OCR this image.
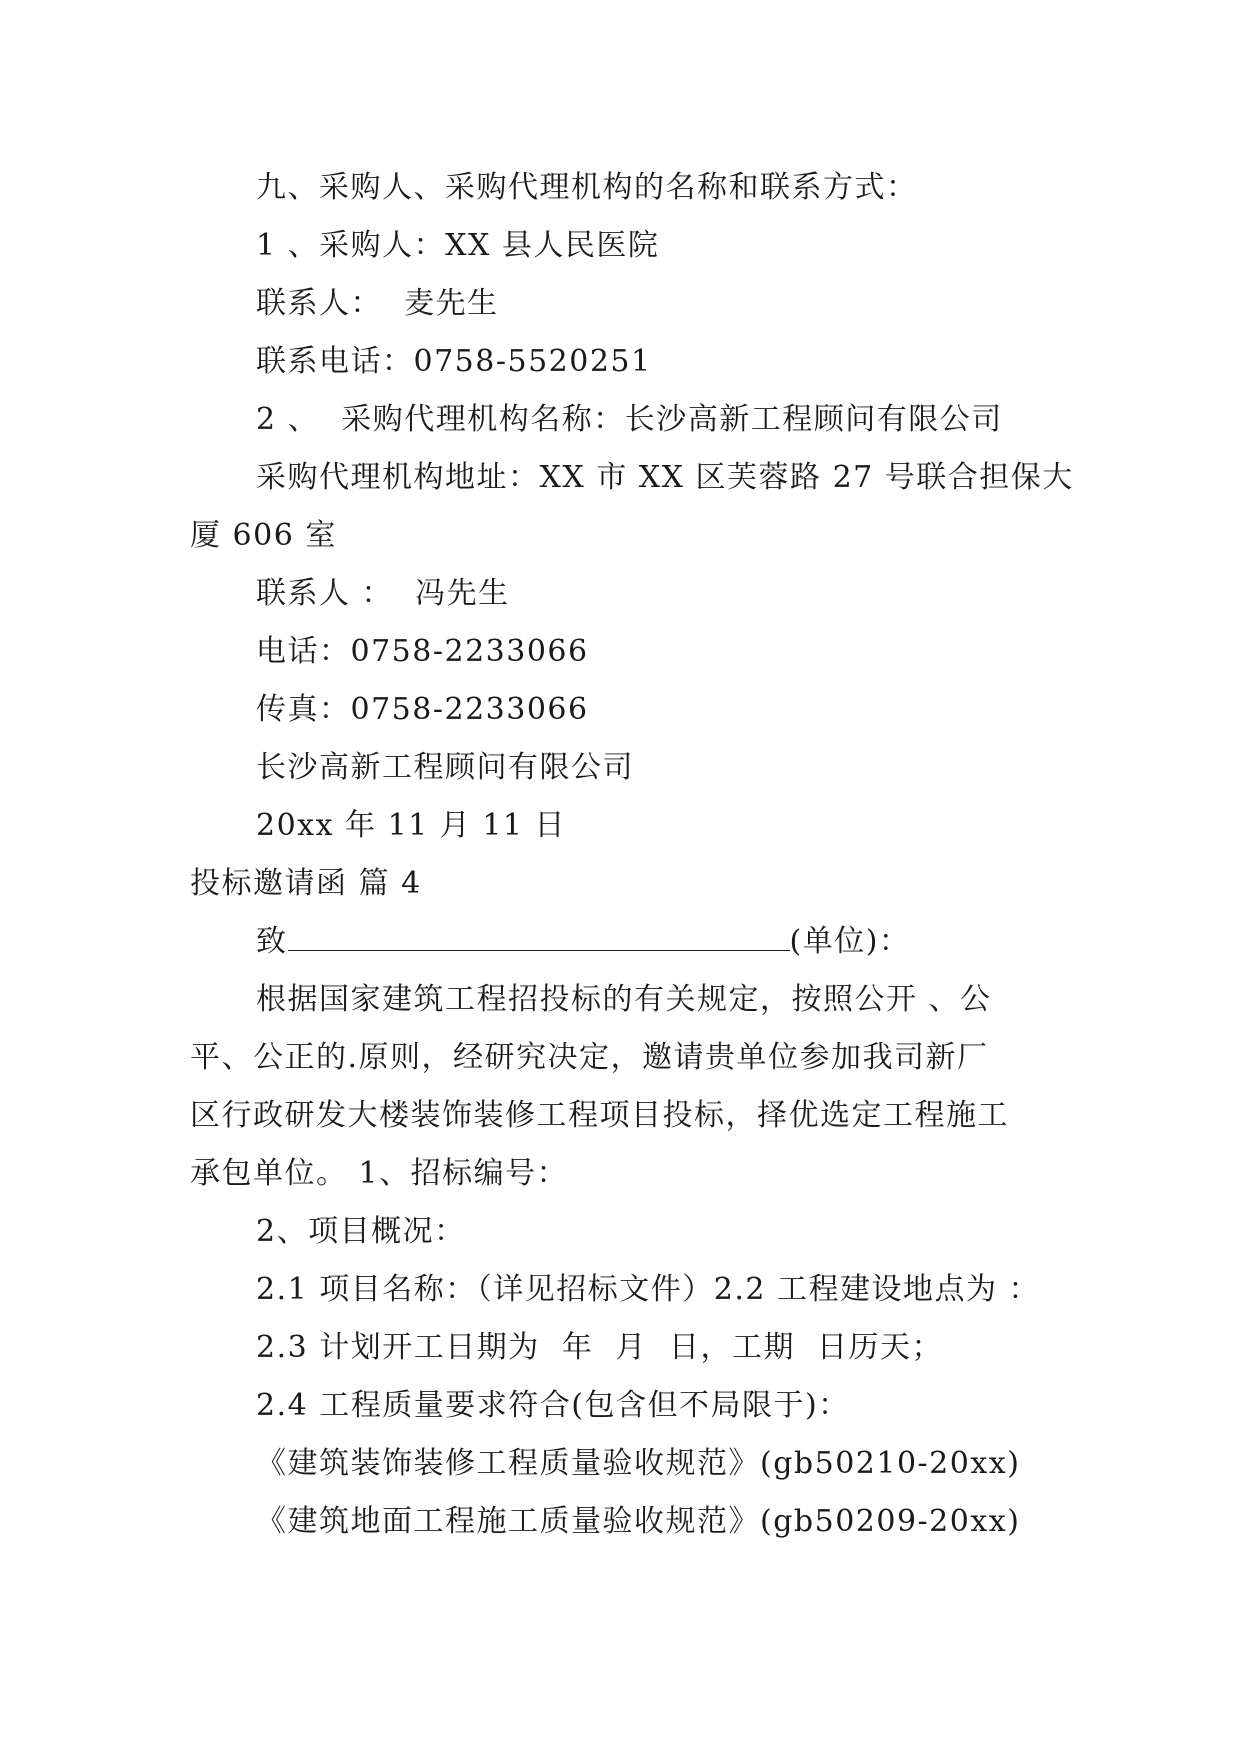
九、采购人、采购代理机构的名称和联系方式：
1 、采购人：XX 县人民医院
联系人：  麦先生
联系电话：0758-5520251
2 、  采购代理机构名称：长沙高新工程顾问有限公司
采购代理机构地址：XX 市 XX 区芙蓉路 27 号联合担保大
厦 606 室
联系人 ：  冯先生
电话：0758-2233066
传真：0758-2233066
长沙高新工程顾问有限公司
20xx 年 11 月 11 日
投标邀请函 篇 4
致	(单位)：
根据国家建筑工程招投标的有关规定，按照公开 、公
平、公正的.原则，经研究决定，邀请贵单位参加我司新厂
区行政研发大楼装饰装修工程项目投标，择优选定工程施工
承包单位。 1、招标编号：
2、项目概况：
2.1 项目名称：（详见招标文件）2.2 工程建设地点为 ：
2.3 计划开工日期为  年  月  日，工期  日历天；
2.4 工程质量要求符合(包含但不局限于)：
《建筑装饰装修工程质量验收规范》(gb50210-20xx)
《建筑地面工程施工质量验收规范》(gb50209-20xx)
